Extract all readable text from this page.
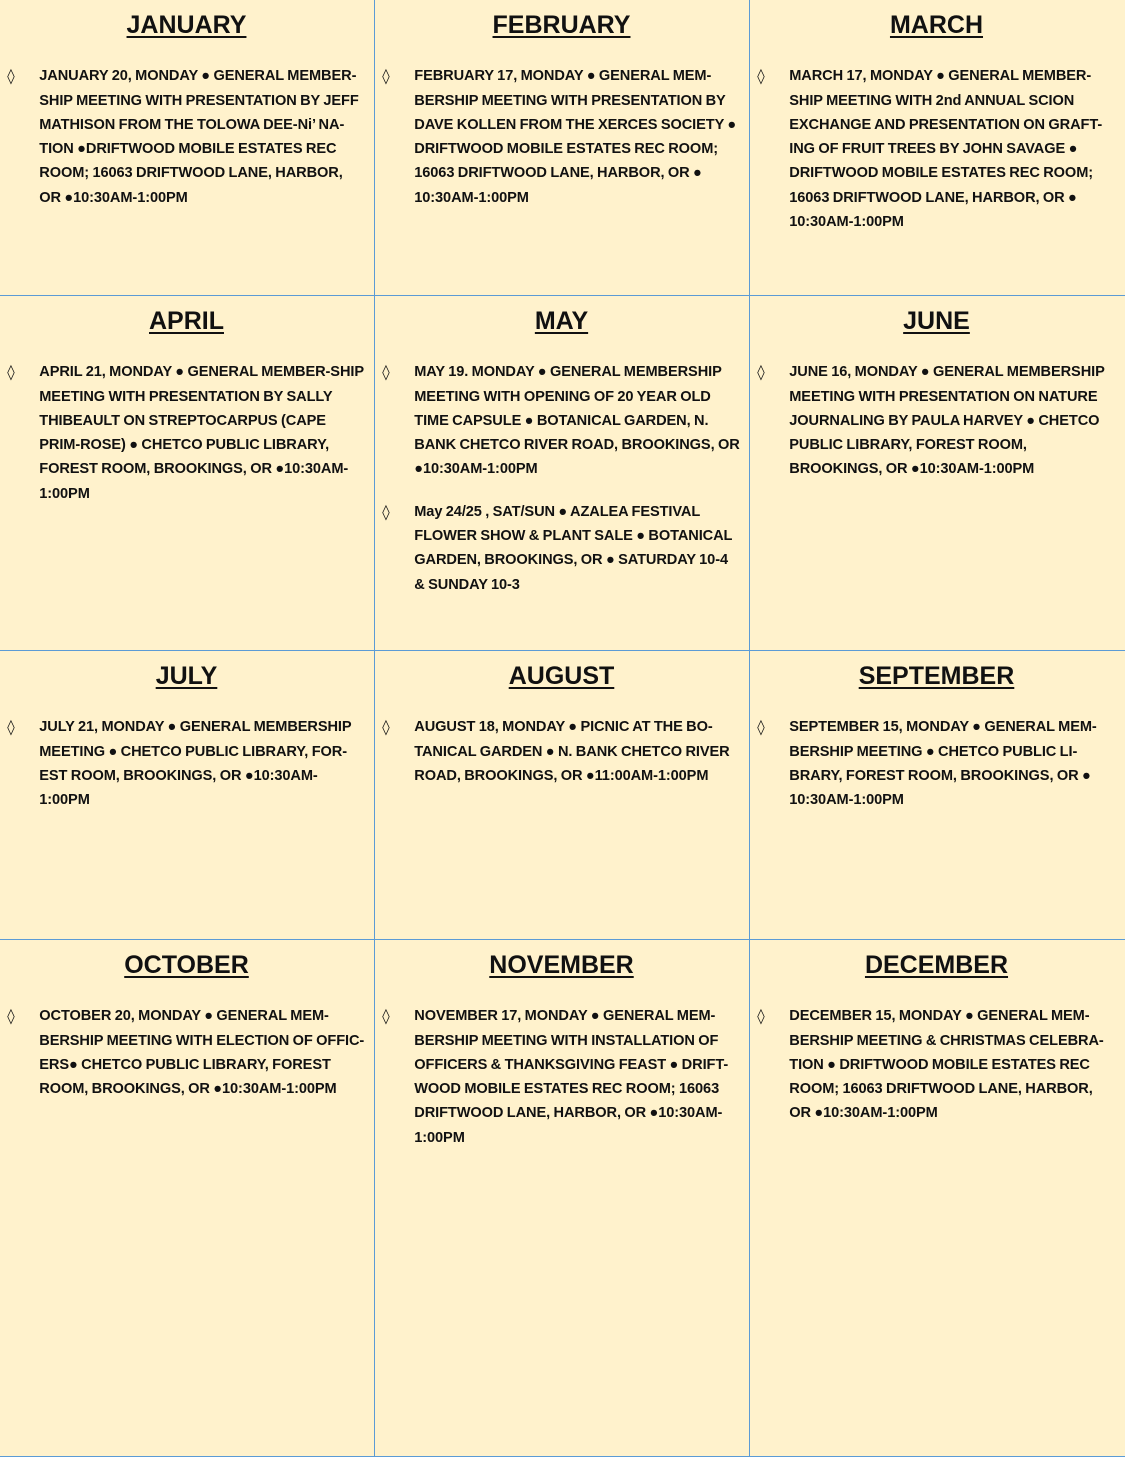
JANUARY
◊	JANUARY 20, MONDAY ● GENERAL MEMBER-SHIP MEETING WITH PRESENTATION BY JEFF MATHISON FROM THE TOLOWA DEE-Ni’ NA-TION ●DRIFTWOOD MOBILE ESTATES REC ROOM; 16063 DRIFTWOOD LANE, HARBOR, OR ●10:30AM-1:00PM

FEBRUARY
◊	FEBRUARY 17, MONDAY ● GENERAL MEM-BERSHIP MEETING WITH PRESENTATION BY DAVE KOLLEN FROM THE XERCES SOCIETY ● DRIFTWOOD MOBILE ESTATES REC ROOM; 16063 DRIFTWOOD LANE, HARBOR, OR ● 10:30AM-1:00PM

MARCH
◊	MARCH 17, MONDAY ● GENERAL MEMBER-SHIP MEETING WITH 2nd ANNUAL SCION EXCHANGE AND PRESENTATION ON GRAFT-ING OF FRUIT TREES BY JOHN SAVAGE ● DRIFTWOOD MOBILE ESTATES REC ROOM; 16063 DRIFTWOOD LANE, HARBOR, OR ● 10:30AM-1:00PM

APRIL
◊	APRIL 21, MONDAY ● GENERAL MEMBER-SHIP MEETING WITH PRESENTATION BY SALLY THIBEAULT ON STREPTOCARPUS (CAPE PRIM-ROSE) ● CHETCO PUBLIC LIBRARY, FOREST ROOM, BROOKINGS, OR ●10:30AM-1:00PM

MAY
◊	MAY 19. MONDAY ● GENERAL MEMBERSHIP MEETING WITH OPENING OF 20 YEAR OLD TIME CAPSULE ● BOTANICAL GARDEN, N. BANK CHETCO RIVER ROAD, BROOKINGS, OR ●10:30AM-1:00PM

◊	May 24/25 , SAT/SUN ● AZALEA FESTIVAL FLOWER SHOW & PLANT SALE ● BOTANICAL GARDEN, BROOKINGS, OR ● SATURDAY 10-4 & SUNDAY 10-3

JUNE
◊	JUNE 16, MONDAY ● GENERAL MEMBERSHIP MEETING WITH PRESENTATION ON NATURE JOURNALING BY PAULA HARVEY ● CHETCO PUBLIC LIBRARY, FOREST ROOM, BROOKINGS, OR ●10:30AM-1:00PM

JULY
◊	JULY 21, MONDAY ● GENERAL MEMBERSHIP MEETING ● CHETCO PUBLIC LIBRARY, FOR-EST ROOM, BROOKINGS, OR ●10:30AM-1:00PM

AUGUST
◊	AUGUST 18, MONDAY ● PICNIC AT THE BO-TANICAL GARDEN ● N. BANK CHETCO RIVER ROAD, BROOKINGS, OR ●11:00AM-1:00PM

SEPTEMBER
◊	SEPTEMBER 15, MONDAY ● GENERAL MEM-BERSHIP MEETING ● CHETCO PUBLIC LI-BRARY, FOREST ROOM, BROOKINGS, OR ● 10:30AM-1:00PM

OCTOBER
◊	OCTOBER 20, MONDAY ● GENERAL MEM-BERSHIP MEETING WITH ELECTION OF OFFIC-ERS● CHETCO PUBLIC LIBRARY, FOREST ROOM, BROOKINGS, OR ●10:30AM-1:00PM

NOVEMBER
◊	NOVEMBER 17, MONDAY ● GENERAL MEM-BERSHIP MEETING WITH INSTALLATION OF OFFICERS & THANKSGIVING FEAST ● DRIFT-WOOD MOBILE ESTATES REC ROOM; 16063 DRIFTWOOD LANE, HARBOR, OR ●10:30AM-1:00PM

DECEMBER
◊	DECEMBER 15, MONDAY ● GENERAL MEM-BERSHIP MEETING & CHRISTMAS CELEBRA-TION ● DRIFTWOOD MOBILE ESTATES REC ROOM; 16063 DRIFTWOOD LANE, HARBOR, OR ●10:30AM-1:00PM
